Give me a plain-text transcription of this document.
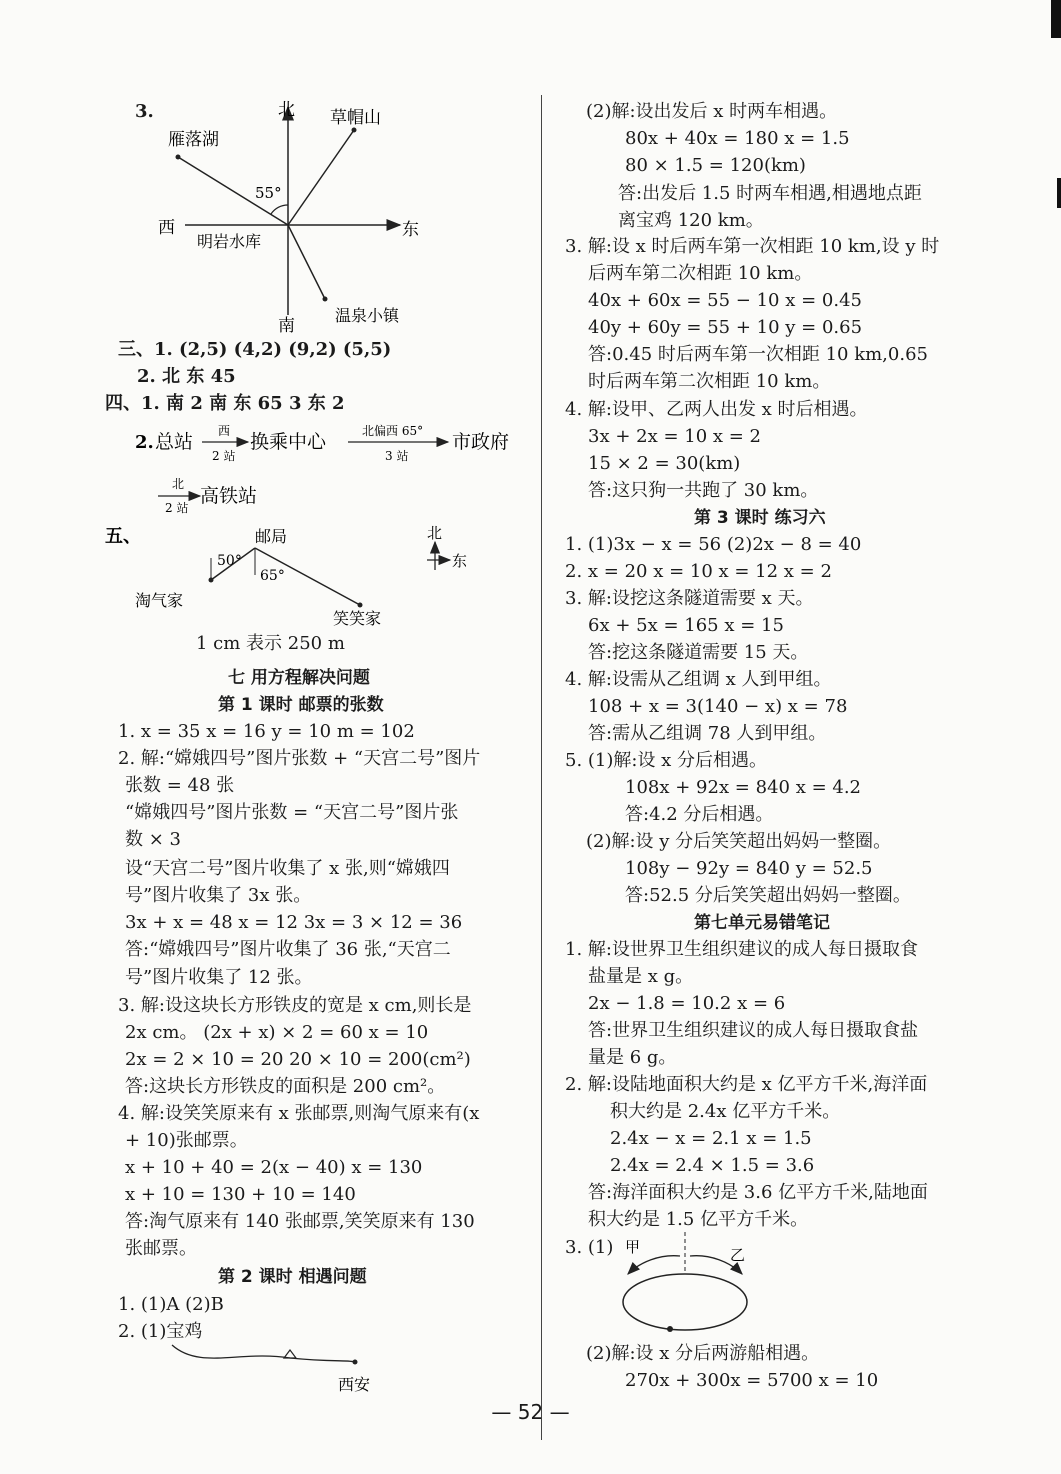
3.	北
南
西	东
雁落湖
草帽山
明岩水库
温泉小镇
55°
三、1. (2,5) (4,2) (9,2) (5,5)
2. 北 东 45
四、1. 南 2 南 东 65 3 东 2
2. 总站 西
2 站
换乘中心	北偏西 65°
3 站
市政府
北
2 站
高铁站
五、	邮局
50°
65°
淘气家
笑笑家
北
东
1 cm 表示 250 m
七 用方程解决问题
第 1 课时 邮票的张数
1. x = 35 x = 16 y = 10 m = 102
2. 解:“嫦娥四号”图片张数 + “天宫二号”图片
张数 = 48 张
“嫦娥四号”图片张数 = “天宫二号”图片张
数 × 3
设“天宫二号”图片收集了 x 张,则“嫦娥四
号”图片收集了 3x 张。
3x + x = 48 x = 12 3x = 3 × 12 = 36
答:“嫦娥四号”图片收集了 36 张,“天宫二
号”图片收集了 12 张。
3. 解:设这块长方形铁皮的宽是 x cm,则长是
2x cm。 (2x + x) × 2 = 60 x = 10
2x = 2 × 10 = 20 20 × 10 = 200(cm²)
答:这块长方形铁皮的面积是 200 cm²。
4. 解:设笑笑原来有 x 张邮票,则淘气原来有(x
+ 10)张邮票。
x + 10 + 40 = 2(x − 40) x = 130
x + 10 = 130 + 10 = 140
答:淘气原来有 140 张邮票,笑笑原来有 130
张邮票。
第 2 课时 相遇问题
1. (1)A (2)B
2. (1)宝鸡
西安
(2)解:设出发后 x 时两车相遇。
80x + 40x = 180 x = 1.5
80 × 1.5 = 120(km)
答:出发后 1.5 时两车相遇,相遇地点距
离宝鸡 120 km。
3. 解:设 x 时后两车第一次相距 10 km,设 y 时
后两车第二次相距 10 km。
40x + 60x = 55 − 10 x = 0.45
40y + 60y = 55 + 10 y = 0.65
答:0.45 时后两车第一次相距 10 km,0.65
时后两车第二次相距 10 km。
4. 解:设甲、乙两人出发 x 时后相遇。
3x + 2x = 10 x = 2
15 × 2 = 30(km)
答:这只狗一共跑了 30 km。
第 3 课时 练习六
1. (1)3x − x = 56 (2)2x − 8 = 40
2. x = 20 x = 10 x = 12 x = 2
3. 解:设挖这条隧道需要 x 天。
6x + 5x = 165 x = 15
答:挖这条隧道需要 15 天。
4. 解:设需从乙组调 x 人到甲组。
108 + x = 3(140 − x) x = 78
答:需从乙组调 78 人到甲组。
5. (1)解:设 x 分后相遇。
108x + 92x = 840 x = 4.2
答:4.2 分后相遇。
(2)解:设 y 分后笑笑超出妈妈一整圈。
108y − 92y = 840 y = 52.5
答:52.5 分后笑笑超出妈妈一整圈。
第七单元易错笔记
1. 解:设世界卫生组织建议的成人每日摄取食
盐量是 x g。
2x − 1.8 = 10.2 x = 6
答:世界卫生组织建议的成人每日摄取食盐
量是 6 g。
2. 解:设陆地面积大约是 x 亿平方千米,海洋面
积大约是 2.4x 亿平方千米。
2.4x − x = 2.1 x = 1.5
2.4x = 2.4 × 1.5 = 3.6
答:海洋面积大约是 3.6 亿平方千米,陆地面
积大约是 1.5 亿平方千米。
3. (1) 甲	乙
(2)解:设 x 分后两游船相遇。
270x + 300x = 5700 x = 10
— 52 —
